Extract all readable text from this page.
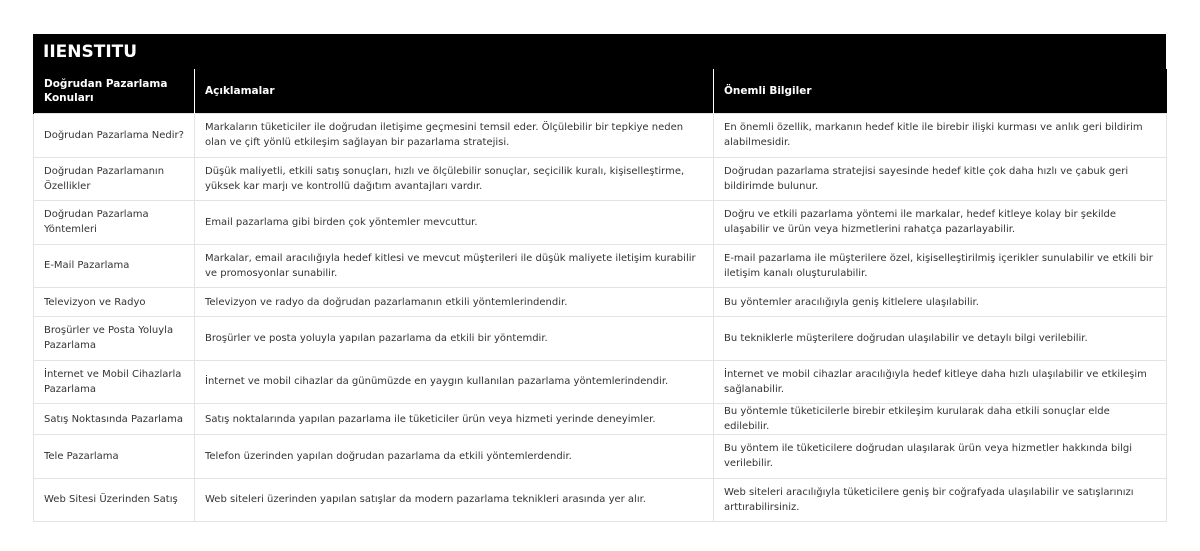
IIENSTITU
Doğrudan Pazarlama Konuları	Açıklamalar	Önemli Bilgiler
Doğrudan Pazarlama Nedir?	Markaların tüketiciler ile doğrudan iletişime geçmesini temsil eder. Ölçülebilir bir tepkiye neden olan ve çift yönlü etkileşim sağlayan bir pazarlama stratejisi.	En önemli özellik, markanın hedef kitle ile birebir ilişki kurması ve anlık geri bildirim alabilmesidir.
Doğrudan Pazarlamanın Özellikler	Düşük maliyetli, etkili satış sonuçları, hızlı ve ölçülebilir sonuçlar, seçicilik kuralı, kişiselleştirme, yüksek kar marjı ve kontrollü dağıtım avantajları vardır.	Doğrudan pazarlama stratejisi sayesinde hedef kitle çok daha hızlı ve çabuk geri bildirimde bulunur.
Doğrudan Pazarlama Yöntemleri	Email pazarlama gibi birden çok yöntemler mevcuttur.	Doğru ve etkili pazarlama yöntemi ile markalar, hedef kitleye kolay bir şekilde ulaşabilir ve ürün veya hizmetlerini rahatça pazarlayabilir.
E-Mail Pazarlama	Markalar, email aracılığıyla hedef kitlesi ve mevcut müşterileri ile düşük maliyete iletişim kurabilir ve promosyonlar sunabilir.	E-mail pazarlama ile müşterilere özel, kişiselleştirilmiş içerikler sunulabilir ve etkili bir iletişim kanalı oluşturulabilir.
Televizyon ve Radyo	Televizyon ve radyo da doğrudan pazarlamanın etkili yöntemlerindendir.	Bu yöntemler aracılığıyla geniş kitlelere ulaşılabilir.
Broşürler ve Posta Yoluyla Pazarlama	Broşürler ve posta yoluyla yapılan pazarlama da etkili bir yöntemdir.	Bu tekniklerle müşterilere doğrudan ulaşılabilir ve detaylı bilgi verilebilir.
İnternet ve Mobil Cihazlarla Pazarlama	İnternet ve mobil cihazlar da günümüzde en yaygın kullanılan pazarlama yöntemlerindendir.	İnternet ve mobil cihazlar aracılığıyla hedef kitleye daha hızlı ulaşılabilir ve etkileşim sağlanabilir.
Satış Noktasında Pazarlama	Satış noktalarında yapılan pazarlama ile tüketiciler ürün veya hizmeti yerinde deneyimler.	Bu yöntemle tüketicilerle birebir etkileşim kurularak daha etkili sonuçlar elde edilebilir.
Tele Pazarlama	Telefon üzerinden yapılan doğrudan pazarlama da etkili yöntemlerdendir.	Bu yöntem ile tüketicilere doğrudan ulaşılarak ürün veya hizmetler hakkında bilgi verilebilir.
Web Sitesi Üzerinden Satış	Web siteleri üzerinden yapılan satışlar da modern pazarlama teknikleri arasında yer alır.	Web siteleri aracılığıyla tüketicilere geniş bir coğrafyada ulaşılabilir ve satışlarınızı arttırabilirsiniz.
